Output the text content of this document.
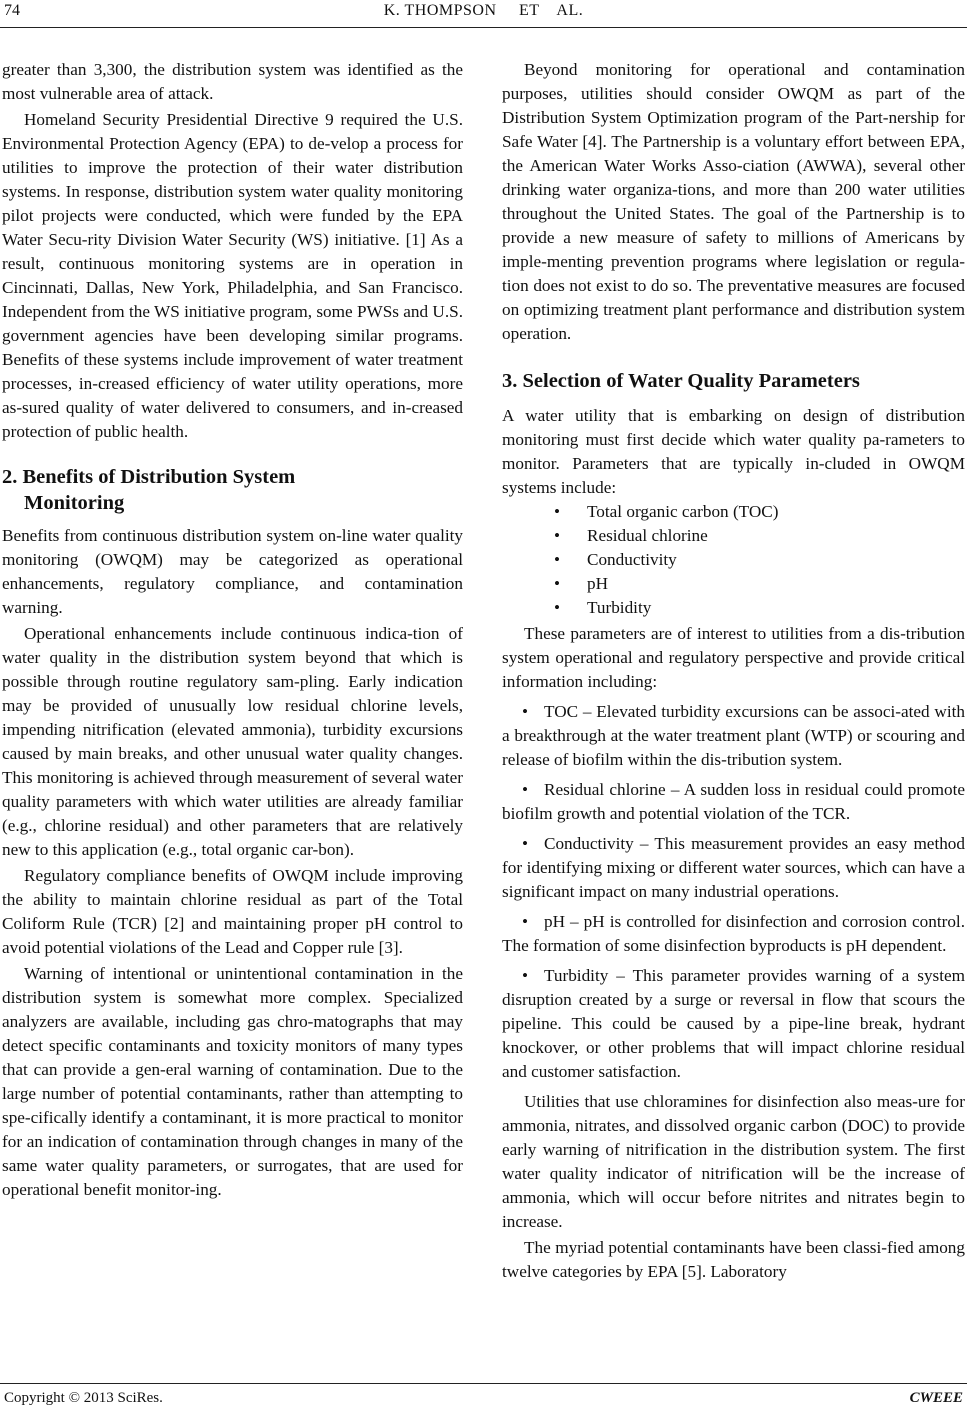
74	K. THOMPSON     ET    AL.

greater than 3,300, the distribution system was identified as the most vulnerable area of attack.

Homeland Security Presidential Directive 9 required the U.S. Environmental Protection Agency (EPA) to de-velop a process for utilities to improve the protection of their water distribution systems. In response, distribution system water quality monitoring pilot projects were conducted, which were funded by the EPA Water Secu-rity Division Water Security (WS) initiative. [1] As a result, continuous monitoring systems are in operation in Cincinnati, Dallas, New York, Philadelphia, and San Francisco. Independent from the WS initiative program, some PWSs and U.S. government agencies have been developing similar programs. Benefits of these systems include improvement of water treatment processes, in-creased efficiency of water utility operations, more as-sured quality of water delivered to consumers, and in-creased protection of public health.

2. Benefits of Distribution System
Monitoring

Benefits from continuous distribution system on-line water quality monitoring (OWQM) may be categorized as operational enhancements, regulatory compliance, and contamination warning.

Operational enhancements include continuous indica-tion of water quality in the distribution system beyond that which is possible through routine regulatory sam-pling. Early indication may be provided of unusually low residual chlorine levels, impending nitrification (elevated ammonia), turbidity excursions caused by main breaks, and other unusual water quality changes. This monitoring is achieved through measurement of several water quality parameters with which water utilities are already familiar (e.g., chlorine residual) and other parameters that are relatively new to this application (e.g., total organic car-bon).

Regulatory compliance benefits of OWQM include improving the ability to maintain chlorine residual as part of the Total Coliform Rule (TCR) [2] and maintaining proper pH control to avoid potential violations of the Lead and Copper rule [3].

Warning of intentional or unintentional contamination in the distribution system is somewhat more complex. Specialized analyzers are available, including gas chro-matographs that may detect specific contaminants and toxicity monitors of many types that can provide a gen-eral warning of contamination. Due to the large number of potential contaminants, rather than attempting to spe-cifically identify a contaminant, it is more practical to monitor for an indication of contamination through changes in many of the same water quality parameters, or surrogates, that are used for operational benefit monitor-ing.

Beyond monitoring for operational and contamination purposes, utilities should consider OWQM as part of the Distribution System Optimization program of the Part-nership for Safe Water [4]. The Partnership is a voluntary effort between EPA, the American Water Works Asso-ciation (AWWA), several other drinking water organiza-tions, and more than 200 water utilities throughout the United States. The goal of the Partnership is to provide a new measure of safety to millions of Americans by imple-menting prevention programs where legislation or regula-tion does not exist to do so. The preventative measures are focused on optimizing treatment plant performance and distribution system operation.

3. Selection of Water Quality Parameters

A water utility that is embarking on design of distribution monitoring must first decide which water quality pa-rameters to monitor. Parameters that are typically in-cluded in OWQM systems include:

• Total organic carbon (TOC)
• Residual chlorine
• Conductivity
• pH
• Turbidity

These parameters are of interest to utilities from a dis-tribution system operational and regulatory perspective and provide critical information including:

• TOC – Elevated turbidity excursions can be associ-ated with a breakthrough at the water treatment plant (WTP) or scouring and release of biofilm within the dis-tribution system.
• Residual chlorine – A sudden loss in residual could promote biofilm growth and potential violation of the TCR.
• Conductivity – This measurement provides an easy method for identifying mixing or different water sources, which can have a significant impact on many industrial operations.
• pH – pH is controlled for disinfection and corrosion control. The formation of some disinfection byproducts is pH dependent.
• Turbidity – This parameter provides warning of a system disruption created by a surge or reversal in flow that scours the pipeline. This could be caused by a pipe-line break, hydrant knockover, or other problems that will impact chlorine residual and customer satisfaction.

Utilities that use chloramines for disinfection also meas-ure for ammonia, nitrates, and dissolved organic carbon (DOC) to provide early warning of nitrification in the distribution system. The first water quality indicator of nitrification will be the increase of ammonia, which will occur before nitrites and nitrates begin to increase.

The myriad potential contaminants have been classi-fied among twelve categories by EPA [5]. Laboratory

Copyright © 2013 SciRes.	CWEEE
